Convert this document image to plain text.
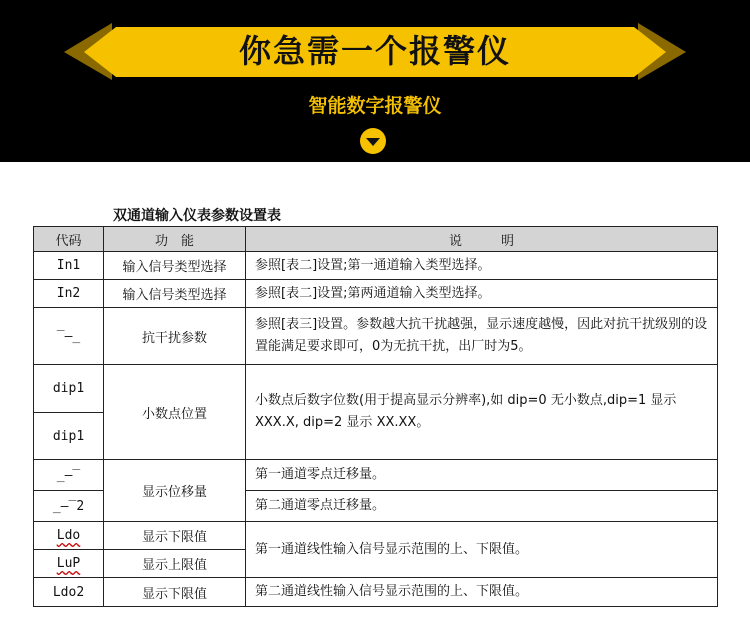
你急需一个报警仪
智能数字报警仪
双通道输入仪表参数设置表
代码	功　能	说　　　明
In1	输入信号类型选择	参照[表二]设置;第一通道输入类型选择。
In2	输入信号类型选择	参照[表二]设置;第两通道输入类型选择。
‾–_	抗干扰参数	参照[表三]设置。参数越大抗干扰越强，显示速度越慢，因此对抗干扰级别的设置能满足要求即可，0为无抗干扰，出厂时为5。
dip1	小数点位置	小数点后数字位数(用于提高显示分辨率),如 dip=0 无小数点,dip=1 显示 XXX.X, dip=2 显示 XX.XX。
dip1		
_–‾	显示位移量	第一通道零点迁移量。
_–‾2		第二通道零点迁移量。
Ldo	显示下限值	第一通道线性输入信号显示范围的上、下限值。
LuP	显示上限值	
Ldo2	显示下限值	第二通道线性输入信号显示范围的上、下限值。
